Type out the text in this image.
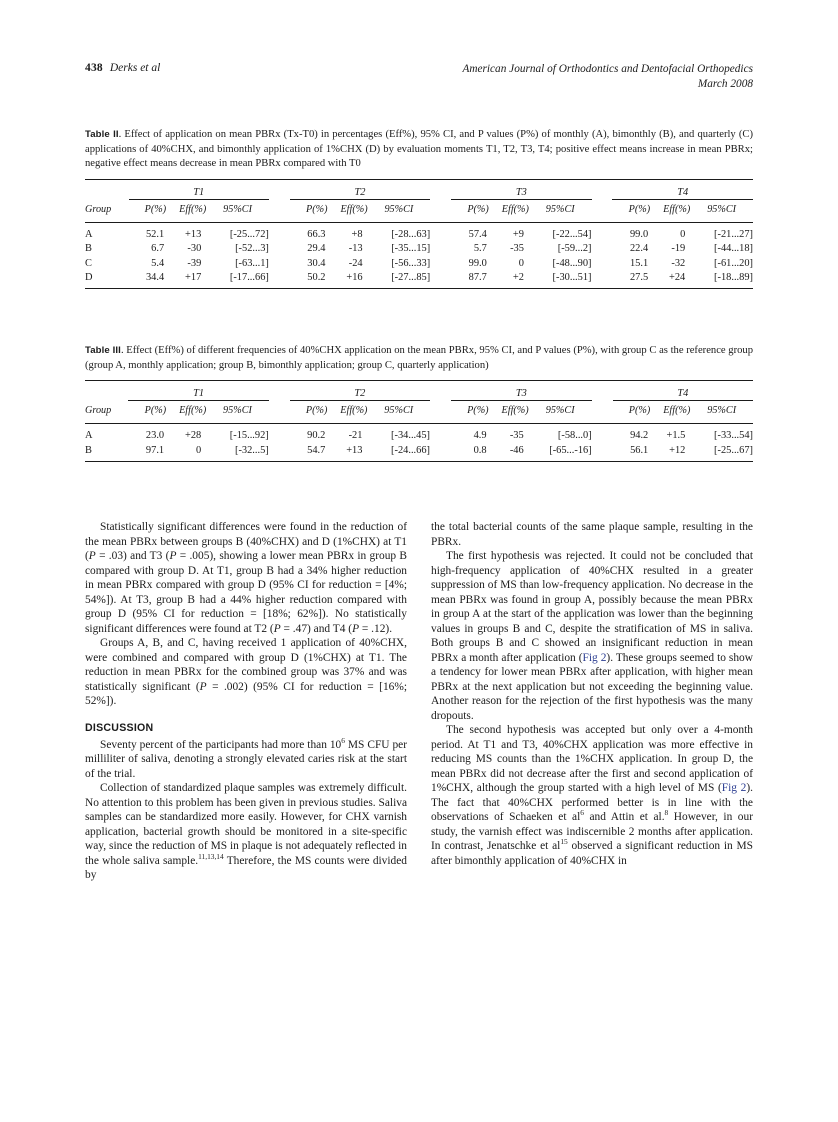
438 Derks et al	American Journal of Orthodontics and Dentofacial Orthopedics
March 2008
Table II. Effect of application on mean PBRx (Tx-T0) in percentages (Eff%), 95% CI, and P values (P%) of monthly (A), bimonthly (B), and quarterly (C) applications of 40%CHX, and bimonthly application of 1%CHX (D) by evaluation moments T1, T2, T3, T4; positive effect means increase in mean PBRx; negative effect means decrease in mean PBRx compared with T0

	T1				T2				T3				T4		
Group	P(%)	Eff(%)	95%CI		P(%)	Eff(%)	95%CI		P(%)	Eff(%)	95%CI		P(%)	Eff(%)	95%CI

A	52.1	+13	[-25...72]		66.3	+8	[-28...63]		57.4	+9	[-22...54]		99.0	0	[-21...27]
B	6.7	-30	[-52...3]		29.4	-13	[-35...15]		5.7	-35	[-59...2]		22.4	-19	[-44...18]
C	5.4	-39	[-63...1]		30.4	-24	[-56...33]		99.0	0	[-48...90]		15.1	-32	[-61...20]
D	34.4	+17	[-17...66]		50.2	+16	[-27...85]		87.7	+2	[-30...51]		27.5	+24	[-18...89]

Table III. Effect (Eff%) of different frequencies of 40%CHX application on the mean PBRx, 95% CI, and P values (P%), with group C as the reference group (group A, monthly application; group B, bimonthly application; group C, quarterly application)

	T1				T2				T3				T4		
Group	P(%)	Eff(%)	95%CI		P(%)	Eff(%)	95%CI		P(%)	Eff(%)	95%CI		P(%)	Eff(%)	95%CI

A	23.0	+28	[-15...92]		90.2	-21	[-34...45]		4.9	-35	[-58...0]		94.2	+1.5	[-33...54]
B	97.1	0	[-32...5]		54.7	+13	[-24...66]		0.8	-46	[-65...-16]		56.1	+12	[-25...67]

Statistically significant differences were found in the reduction of the mean PBRx between groups B (40%CHX) and D (1%CHX) at T1 (P = .03) and T3 (P = .005), showing a lower mean PBRx in group B compared with group D. At T1, group B had a 34% higher reduction in mean PBRx compared with group D (95% CI for reduction = [4%; 54%]). At T3, group B had a 44% higher reduction compared with group D (95% CI for reduction = [18%; 62%]). No statistically significant differences were found at T2 (P = .47) and T4 (P = .12).

Groups A, B, and C, having received 1 application of 40%CHX, were combined and compared with group D (1%CHX) at T1. The reduction in mean PBRx for the combined group was 37% and was statistically significant (P = .002) (95% CI for reduction = [16%; 52%]).

DISCUSSION

Seventy percent of the participants had more than $10^6$ MS CFU per milliliter of saliva, denoting a strongly elevated caries risk at the start of the trial.

Collection of standardized plaque samples was extremely difficult. No attention to this problem has been given in previous studies. Saliva samples can be standardized more easily. However, for CHX varnish application, bacterial growth should be monitored in a site-specific way, since the reduction of MS in plaque is not adequately reflected in the whole saliva sample.$^{11,13,14}$ Therefore, the MS counts were divided by

the total bacterial counts of the same plaque sample, resulting in the PBRx.

The first hypothesis was rejected. It could not be concluded that high-frequency application of 40%CHX resulted in a greater suppression of MS than low-frequency application. No decrease in the mean PBRx was found in group A, possibly because the mean PBRx in group A at the start of the application was lower than the beginning values in groups B and C, despite the stratification of MS in saliva. Both groups B and C showed an insignificant reduction in mean PBRx a month after application (Fig 2). These groups seemed to show a tendency for lower mean PBRx after application, with higher mean PBRx at the next application but not exceeding the beginning value. Another reason for the rejection of the first hypothesis was the many dropouts.

The second hypothesis was accepted but only over a 4-month period. At T1 and T3, 40%CHX application was more effective in reducing MS counts than the 1%CHX application. In group D, the mean PBRx did not decrease after the first and second application of 1%CHX, although the group started with a high level of MS (Fig 2). The fact that 40%CHX performed better is in line with the observations of Schaeken et $al^6$ and Attin et al.$^8$ However, in our study, the varnish effect was indiscernible 2 months after application. In contrast, Jenatschke et $al^{15}$ observed a significant reduction in MS after bimonthly application of 40%CHX in
